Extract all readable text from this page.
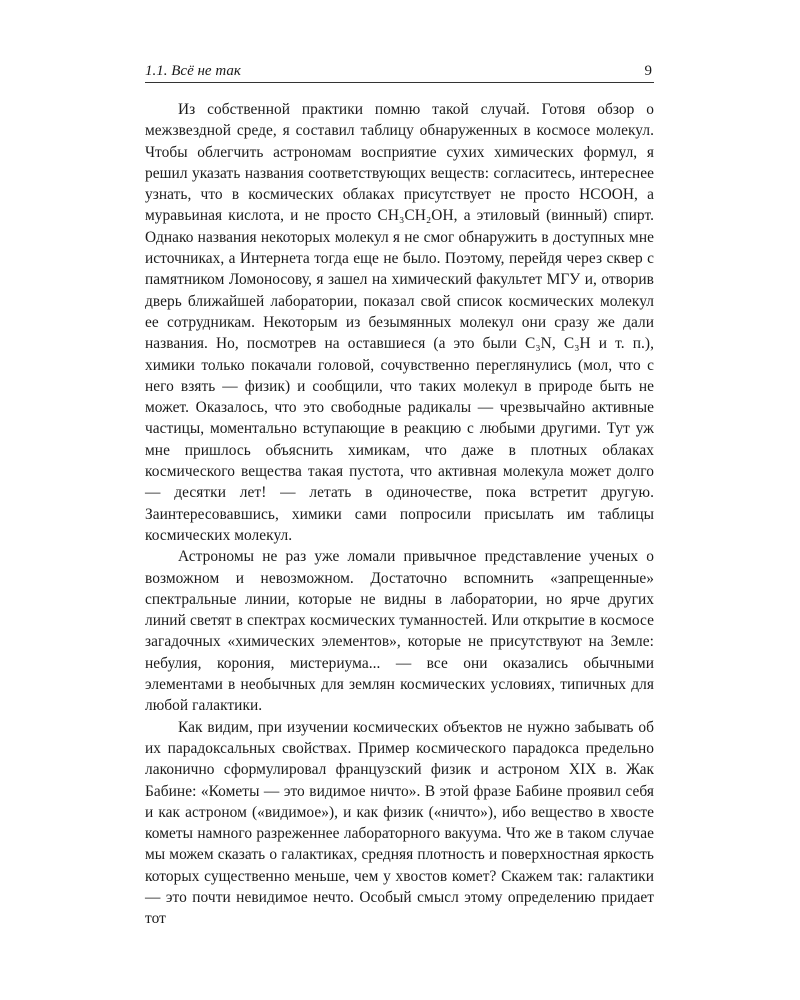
1.1. Всё не так	9

Из собственной практики помню такой случай. Готовя обзор о межзвездной среде, я составил таблицу обнаруженных в космосе молекул. Чтобы облегчить астрономам восприятие сухих химических формул, я решил указать названия соответствующих веществ: согласитесь, интереснее узнать, что в космических облаках присутствует не просто HCOOH, а муравьиная кислота, и не просто CH₃CH₂OH, а этиловый (винный) спирт. Однако названия некоторых молекул я не смог обнаружить в доступных мне источниках, а Интернета тогда еще не было. Поэтому, перейдя через сквер с памятником Ломоносову, я зашел на химический факультет МГУ и, отворив дверь ближайшей лаборатории, показал свой список космических молекул ее сотрудникам. Некоторым из безымянных молекул они сразу же дали названия. Но, посмотрев на оставшиеся (а это были C₃N, C₃H и т. п.), химики только покачали головой, сочувственно переглянулись (мол, что с него взять — физик) и сообщили, что таких молекул в природе быть не может. Оказалось, что это свободные радикалы — чрезвычайно активные частицы, моментально вступающие в реакцию с любыми другими. Тут уж мне пришлось объяснить химикам, что даже в плотных облаках космического вещества такая пустота, что активная молекула может долго — десятки лет! — летать в одиночестве, пока встретит другую. Заинтересовавшись, химики сами попросили присылать им таблицы космических молекул.

Астрономы не раз уже ломали привычное представление ученых о возможном и невозможном. Достаточно вспомнить «запрещенные» спектральные линии, которые не видны в лаборатории, но ярче других линий светят в спектрах космических туманностей. Или открытие в космосе загадочных «химических элементов», которые не присутствуют на Земле: небулия, корония, мистериума... — все они оказались обычными элементами в необычных для землян космических условиях, типичных для любой галактики.

Как видим, при изучении космических объектов не нужно забывать об их парадоксальных свойствах. Пример космического парадокса предельно лаконично сформулировал французский физик и астроном XIX в. Жак Бабине: «Кометы — это видимое ничто». В этой фразе Бабине проявил себя и как астроном («видимое»), и как физик («ничто»), ибо вещество в хвосте кометы намного разреженнее лабораторного вакуума. Что же в таком случае мы можем сказать о галактиках, средняя плотность и поверхностная яркость которых существенно меньше, чем у хвостов комет? Скажем так: галактики — это почти невидимое нечто. Особый смысл этому определению придает тот
